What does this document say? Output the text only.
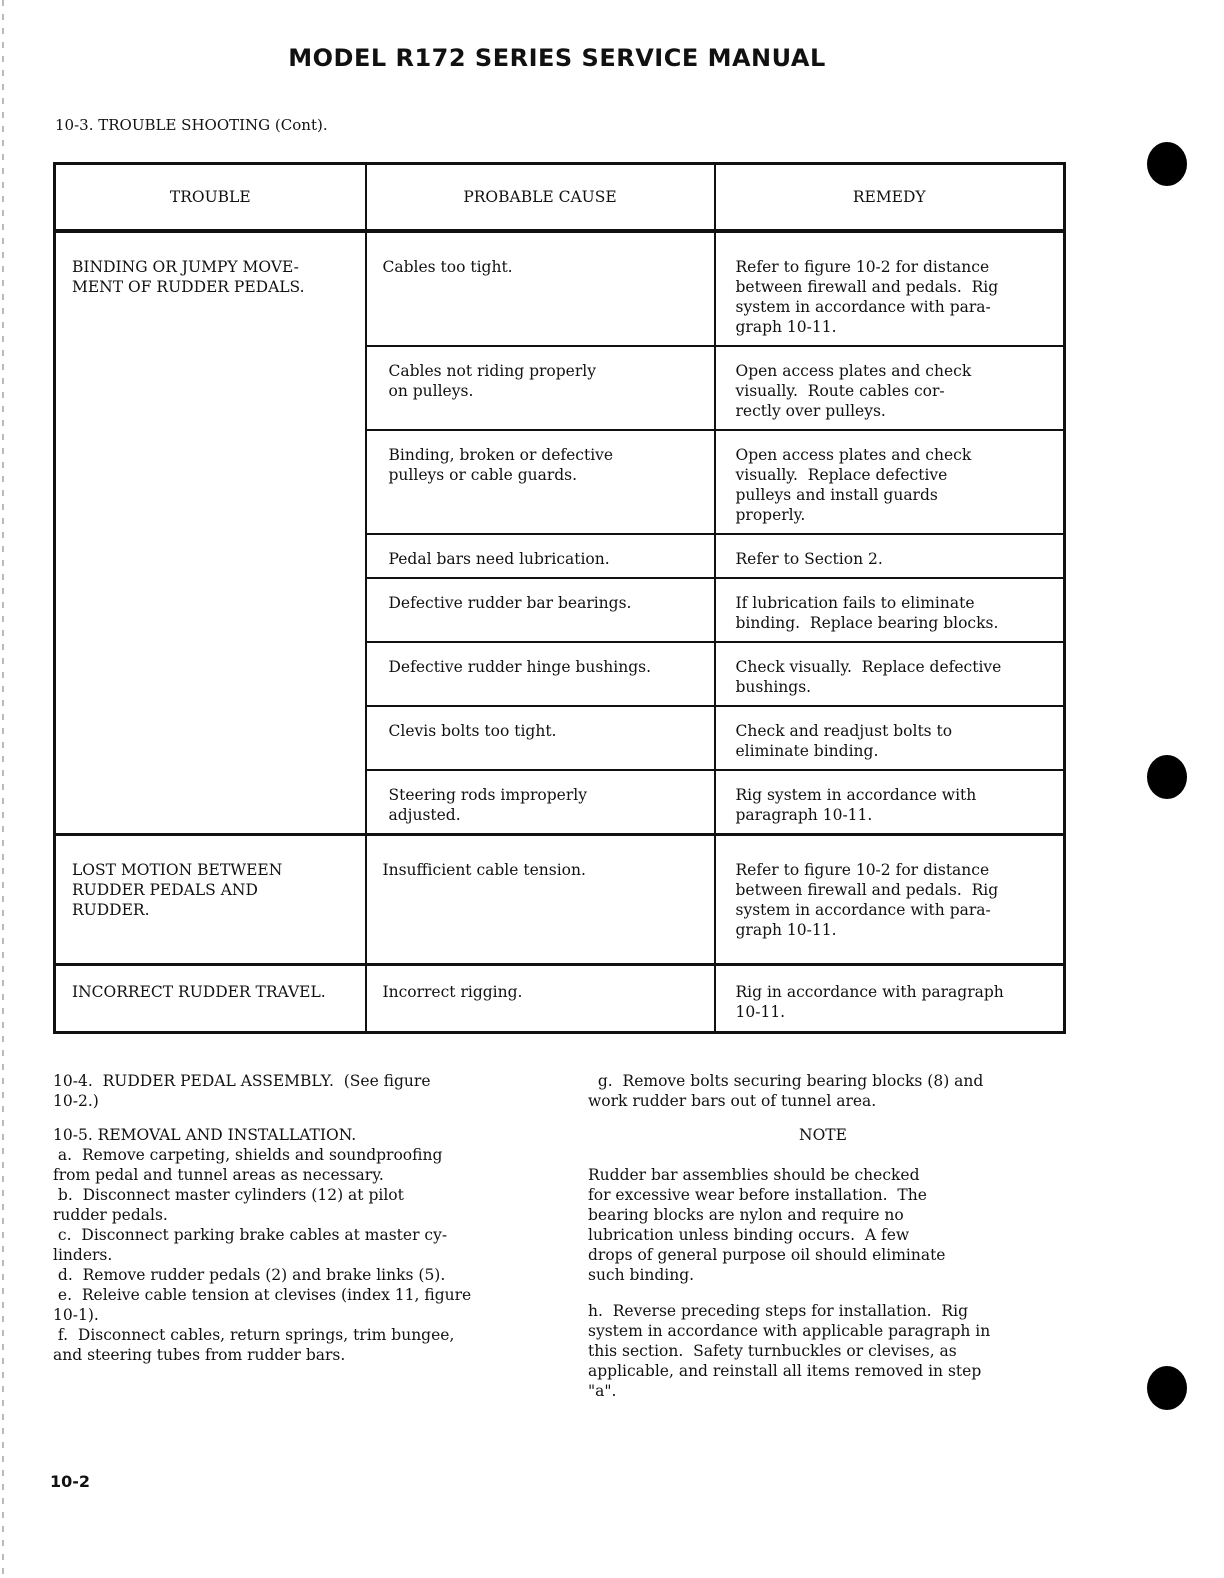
MODEL R172 SERIES SERVICE MANUAL
10-3. TROUBLE SHOOTING (Cont).
TROUBLE	PROBABLE CAUSE	REMEDY

BINDING OR JUMPY MOVE-
MENT OF RUDDER PEDALS.	Cables too tight.	Refer to figure 10-2 for distance
between firewall and pedals.  Rig
system in accordance with para-
graph 10-11.

	Cables not riding properly
on pulleys.	Open access plates and check
visually.  Route cables cor-
rectly over pulleys.

	Binding, broken or defective
pulleys or cable guards.	Open access plates and check
visually.  Replace defective
pulleys and install guards
properly.

	Pedal bars need lubrication.	Refer to Section 2.

	Defective rudder bar bearings.	If lubrication fails to eliminate
binding.  Replace bearing blocks.

	Defective rudder hinge bushings.	Check visually.  Replace defective
bushings.

	Clevis bolts too tight.	Check and readjust bolts to
eliminate binding.

	Steering rods improperly
adjusted.	Rig system in accordance with
paragraph 10-11.

LOST MOTION BETWEEN
RUDDER PEDALS AND
RUDDER.	Insufficient cable tension.	Refer to figure 10-2 for distance
between firewall and pedals.  Rig
system in accordance with para-
graph 10-11.

INCORRECT RUDDER TRAVEL.	Incorrect rigging.	Rig in accordance with paragraph
10-11.

10-4.  RUDDER PEDAL ASSEMBLY.  (See figure
10-2.)

10-5. REMOVAL AND INSTALLATION.

a.  Remove carpeting, shields and soundproofing
from pedal and tunnel areas as necessary.

b.  Disconnect master cylinders (12) at pilot
rudder pedals.

c.  Disconnect parking brake cables at master cy-
linders.

d.  Remove rudder pedals (2) and brake links (5).

e.  Releive cable tension at clevises (index 11, figure
10-1).

f.  Disconnect cables, return springs, trim bungee,
and steering tubes from rudder bars.

g.  Remove bolts securing bearing blocks (8) and
work rudder bars out of tunnel area.

NOTE

Rudder bar assemblies should be checked
for excessive wear before installation.  The
bearing blocks are nylon and require no
lubrication unless binding occurs.  A few
drops of general purpose oil should eliminate
such binding.

h.  Reverse preceding steps for installation.  Rig
system in accordance with applicable paragraph in
this section.  Safety turnbuckles or clevises, as
applicable, and reinstall all items removed in step
"a".

10-2
